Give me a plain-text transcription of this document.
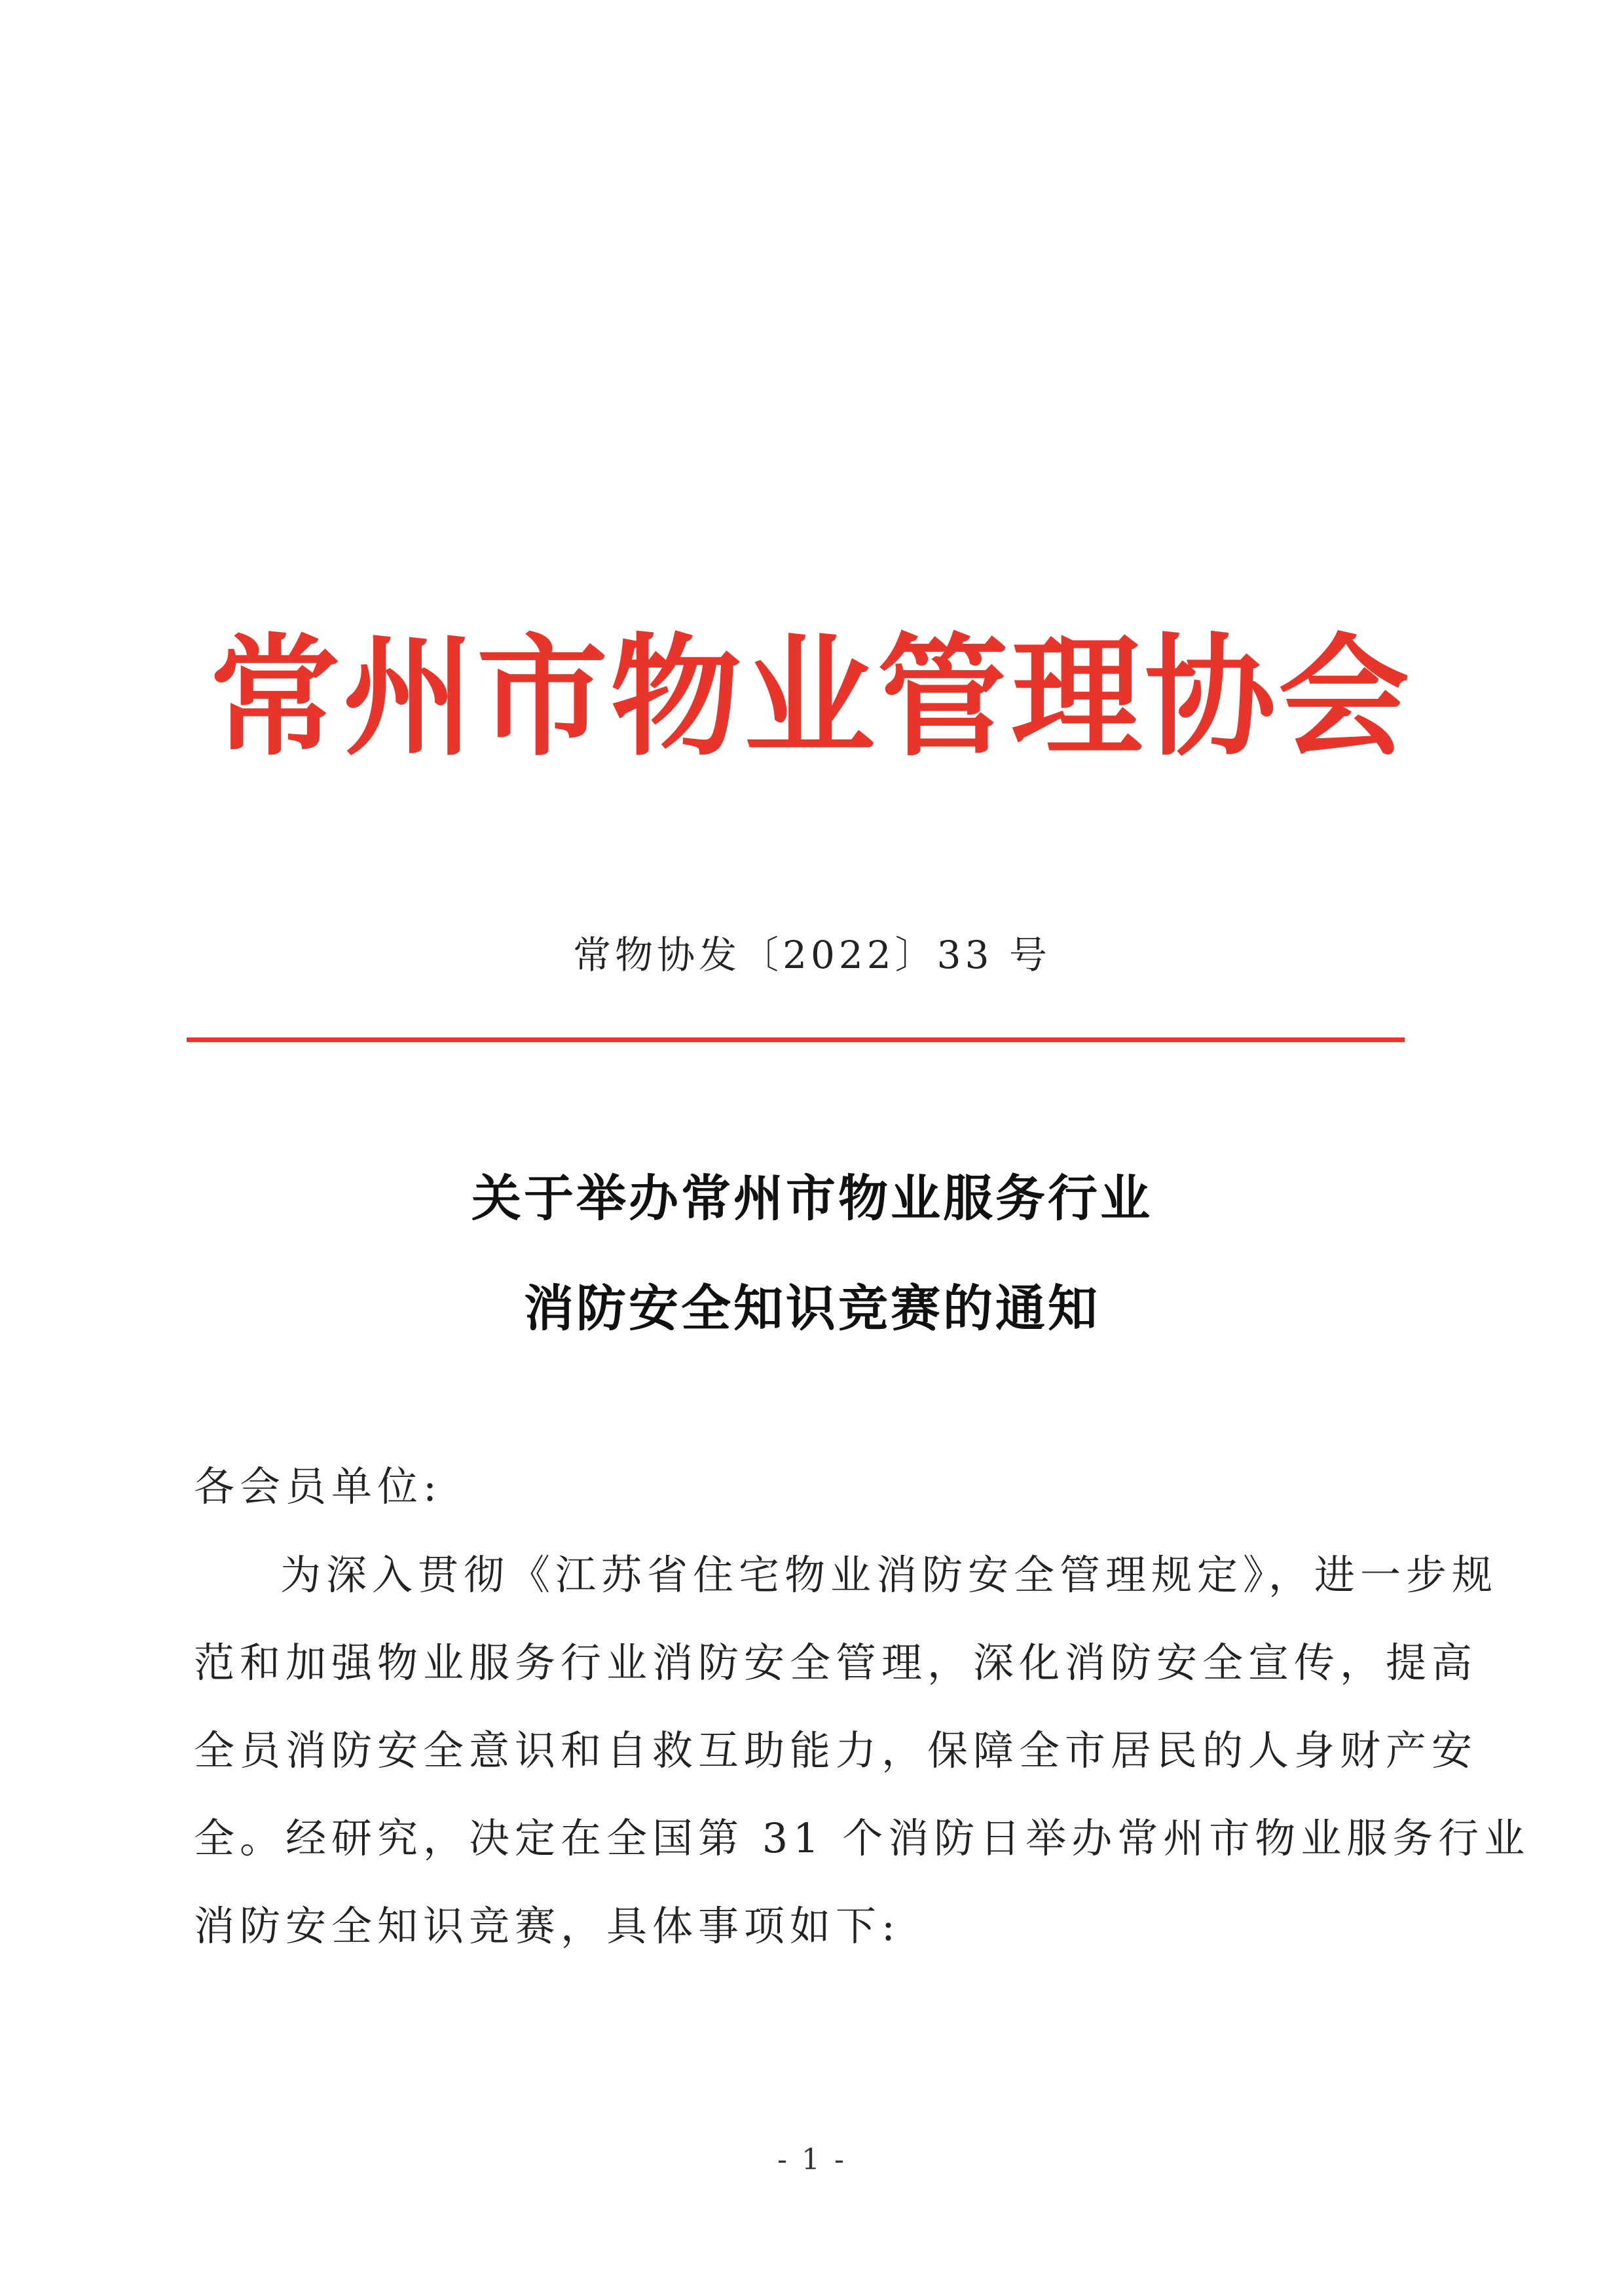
常州市物业管理协会
常物协发〔2022〕33 号
关于举办常州市物业服务行业
消防安全知识竞赛的通知
各会员单位:
为深入贯彻《江苏省住宅物业消防安全管理规定》，进一步规
范和加强物业服务行业消防安全管理，深化消防安全宣传，提高
全员消防安全意识和自救互助能力，保障全市居民的人身财产安
全。经研究，决定在全国第 31 个消防日举办常州市物业服务行业
消防安全知识竞赛，具体事项如下:
- 1 -
